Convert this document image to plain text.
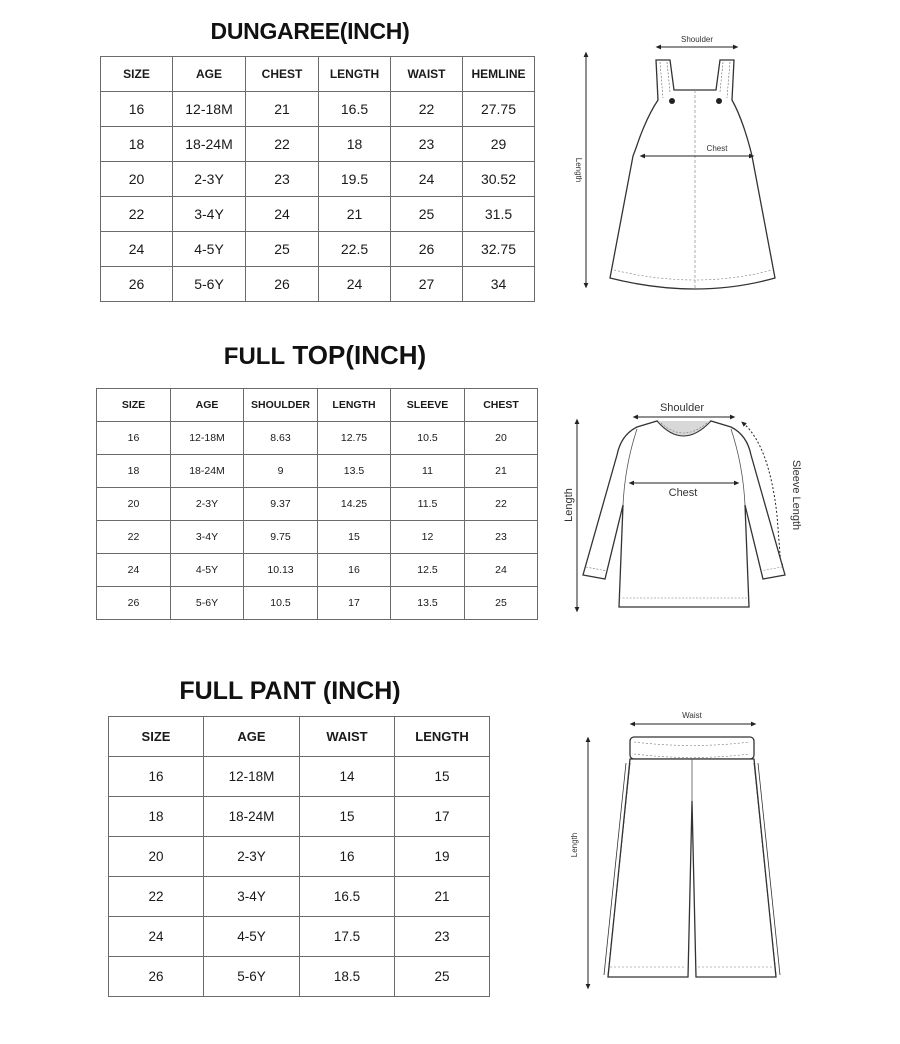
DUNGAREE(INCH)
SIZE	AGE	CHEST	LENGTH	WAIST	HEMLINE
16	12-18M	21	16.5	22	27.75
18	18-24M	22	18	23	29
20	2-3Y	23	19.5	24	30.52
22	3-4Y	24	21	25	31.5
24	4-5Y	25	22.5	26	32.75
26	5-6Y	26	24	27	34
Shoulder
Length
Chest
FULL TOP(INCH)
SIZE	AGE	SHOULDER	LENGTH	SLEEVE	CHEST
16	12-18M	8.63	12.75	10.5	20
18	18-24M	9	13.5	11	21
20	2-3Y	9.37	14.25	11.5	22
22	3-4Y	9.75	15	12	23
24	4-5Y	10.13	16	12.5	24
26	5-6Y	10.5	17	13.5	25
Shoulder
Length	Sleeve Length
Chest
FULL PANT (INCH)
SIZE	AGE	WAIST	LENGTH
16	12-18M	14	15
18	18-24M	15	17
20	2-3Y	16	19
22	3-4Y	16.5	21
24	4-5Y	17.5	23
26	5-6Y	18.5	25
Waist
Length
